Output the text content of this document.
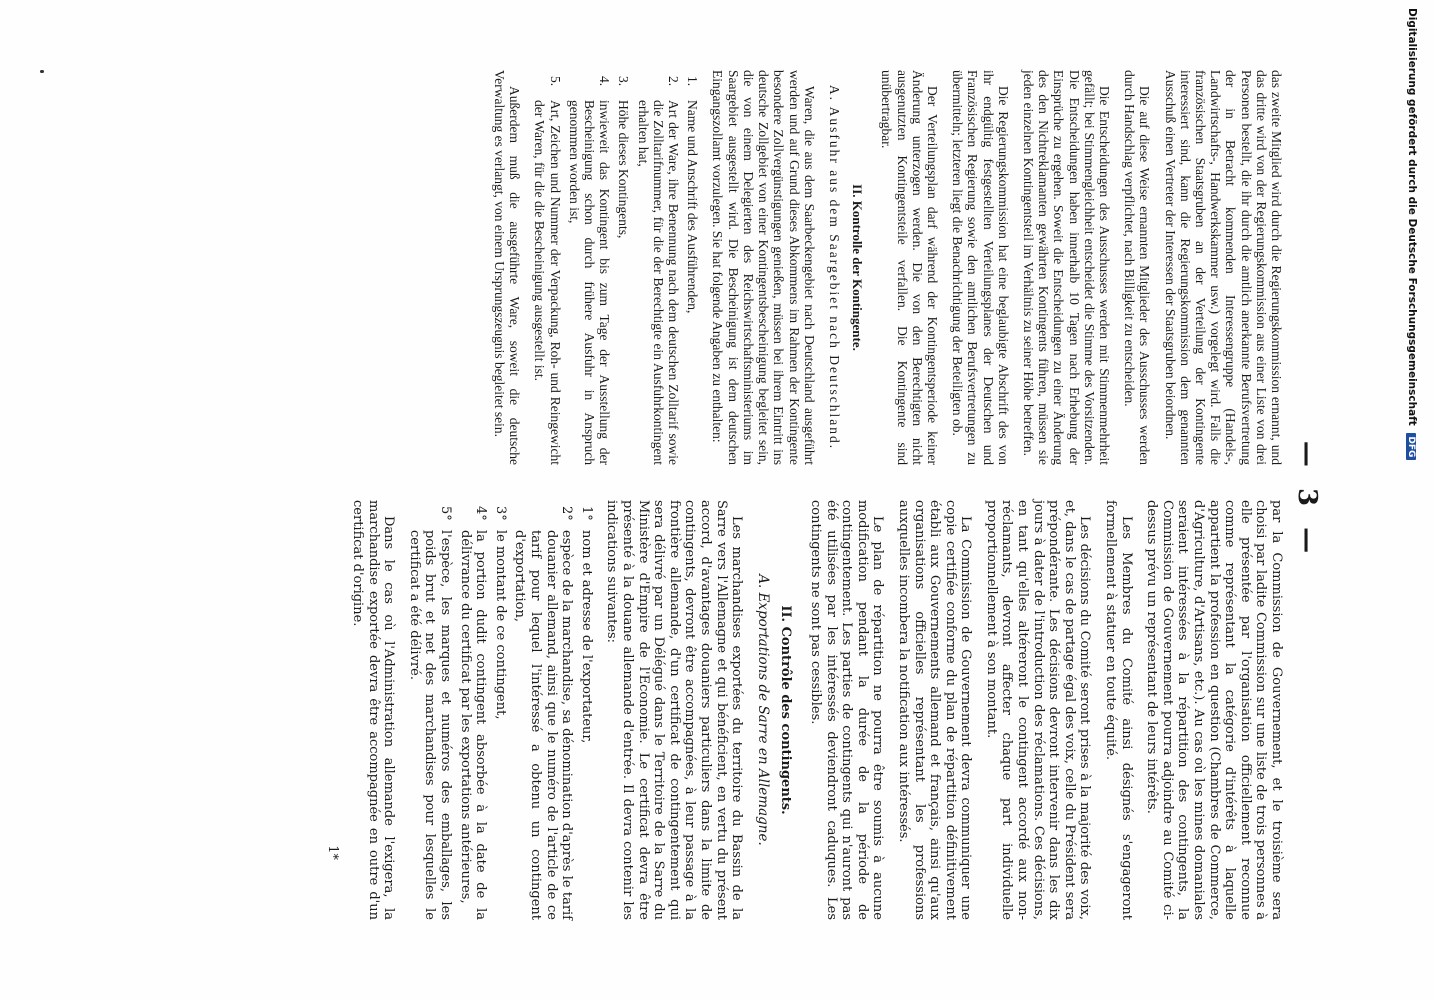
— 3 —

das zweite Mitglied wird durch die Regierungskommission ernannt, und das dritte wird von der Regierungskommission aus einer Liste von drei Personen bestellt, die ihr durch die amtlich anerkannte Berufsvertretung der in Betracht kommenden Interessengruppe (Handels-, Landwirtschafts-, Handwerkskammer usw.) vorgelegt wird. Falls die französischen Staatsgruben an der Verteilung der Kontingente interessiert sind, kann die Regierungskommission dem genannten Ausschuß einen Vertreter der Interessen der Staatsgruben beiordnen.

Die auf diese Weise ernannten Mitglieder des Ausschusses werden durch Handschlag verpflichtet, nach Billigkeit zu entscheiden.

Die Entscheidungen des Ausschusses werden mit Stimmenmehrheit gefällt; bei Stimmengleichheit entscheidet die Stimme des Vorsitzenden. Die Entscheidungen haben innerhalb 10 Tagen nach Erhebung der Einsprüche zu ergehen. Soweit die Entscheidungen zu einer Änderung des den Nichtreklamanten gewährten Kontingents führen, müssen sie jeden einzelnen Kontingentsteil im Verhältnis zu seiner Höhe betreffen.

Die Regierungskommission hat eine beglaubigte Abschrift des von ihr endgültig festgestellten Verteilungsplanes der Deutschen und Französischen Regierung sowie den amtlichen Berufsvertretungen zu übermitteln; letzteren liegt die Benachrichtigung der Beteiligten ob.

Der Verteilungsplan darf während der Kontingentsperiode keiner Änderung unterzogen werden. Die von den Berechtigten nicht ausgenutzten Kontingentsteile verfallen. Die Kontingente sind unübertragbar.

II. Kontrolle der Kontingente.
A. Ausfuhr aus dem Saargebiet nach Deutschland.

Waren, die aus dem Saarbeckengebiet nach Deutschland ausgeführt werden und auf Grund dieses Abkommens im Rahmen der Kontingente besondere Zollvergünstigungen genießen, müssen bei ihrem Eintritt ins deutsche Zollgebiet von einer Kontingentsbescheinigung begleitet sein, die von einem Delegierten des Reichswirtschaftsministeriums im Saargebiet ausgestellt wird. Die Bescheinigung ist dem deutschen Eingangszollamt vorzulegen. Sie hat folgende Angaben zu enthalten:

1.
Name und Anschrift des Ausführenden,
2.
Art der Ware, ihre Benennung nach dem deutschen Zolltarif sowie die Zolltarifnummer, für die der Berechtigte ein Ausfuhrkontingent erhalten hat,
3.
Höhe dieses Kontingents,
4.
inwieweit das Kontingent bis zum Tage der Ausstellung der Bescheinigung schon durch frühere Ausfuhr in Anspruch genommen worden ist,
5.
Art, Zeichen und Nummer der Verpackung, Roh- und Reingewicht der Waren, für die die Bescheinigung ausgestellt ist.

Außerdem muß die ausgeführte Ware, soweit die deutsche Verwaltung es verlangt, von einem Ursprungszeugnis begleitet sein.

par la Commission de Gouvernement, et le troisième sera choisi par ladite Commission sur une liste de trois personnes à elle présentée par l'organisation officiellement reconnue comme représentant la catégorie d'intérêts à laquelle appartient la profession en question (Chambres de Commerce, d'Agriculture, d'Artisans, etc.). Au cas où les mines domaniales seraient intéressées à la répartition des contingents, la Commission de Gouvernement pourra adjoindre au Comité ci-dessus prévu un représentant de leurs intérêts.

Les Membres du Comité ainsi désignés s'engageront formellement à statuer en toute équité.

Les décisions du Comité seront prises à la majorité des voix, et, dans le cas de partage égal des voix, celle du Président sera prépondérante. Les décisions devront intervenir dans les dix jours à dater de l'introduction des réclamations. Ces décisions, en tant qu'elles altéreront le contingent accordé aux non-réclamants, devront affecter chaque part individuelle proportionnellement à son montant.

La Commission de Gouvernement devra communiquer une copie certifiée conforme du plan de répartition définitivement établi aux Gouvernements allemand et français, ainsi qu'aux organisations officielles représentant les professions auxquelles incombera la notification aux intéressés.

Le plan de répartition ne pourra être soumis à aucune modification pendant la durée de la période de contingentement. Les parties de contingents qui n'auront pas été utilisées par les intéressés deviendront caduques. Les contingents ne sont pas cessibles.

II. Contrôle des contingents.
A. Exportations de Sarre en Allemagne.

Les marchandises exportées du territoire du Bassin de la Sarre vers l'Allemagne et qui bénéficient, en vertu du présent accord, d'avantages douaniers particuliers dans la limite de contingents, devront être accompagnées, à leur passage à la frontière allemande, d'un certificat de contingentement qui sera délivré par un Délégué dans le Territoire de la Sarre du Ministère d'Empire de l'Economie. Le certificat devra être présenté à la douane allemande d'entrée. Il devra contenir les indications suivantes:

1°
nom et adresse de l'exportateur,
2°
espèce de la marchandise, sa dénomination d'après le tarif douanier allemand, ainsi que le numéro de l'article de ce tarif pour lequel l'intéressé a obtenu un contingent d'exportation,
3°
le montant de ce contingent,
4°
la portion dudit contingent absorbée à la date de la délivrance du certificat par les exportations antérieures,
5°
l'espèce, les marques et numéros des emballages, les poids brut et net des marchandises pour lesquelles le certificat a été délivré.

Dans le cas où l'Administration allemande l'exigera, la marchandise exportée devra être accompagnée en outre d'un certificat d'origine.

1*
Digitalisierung gefördert durch die Deutsche Forschungsgemeinschaft DFG
